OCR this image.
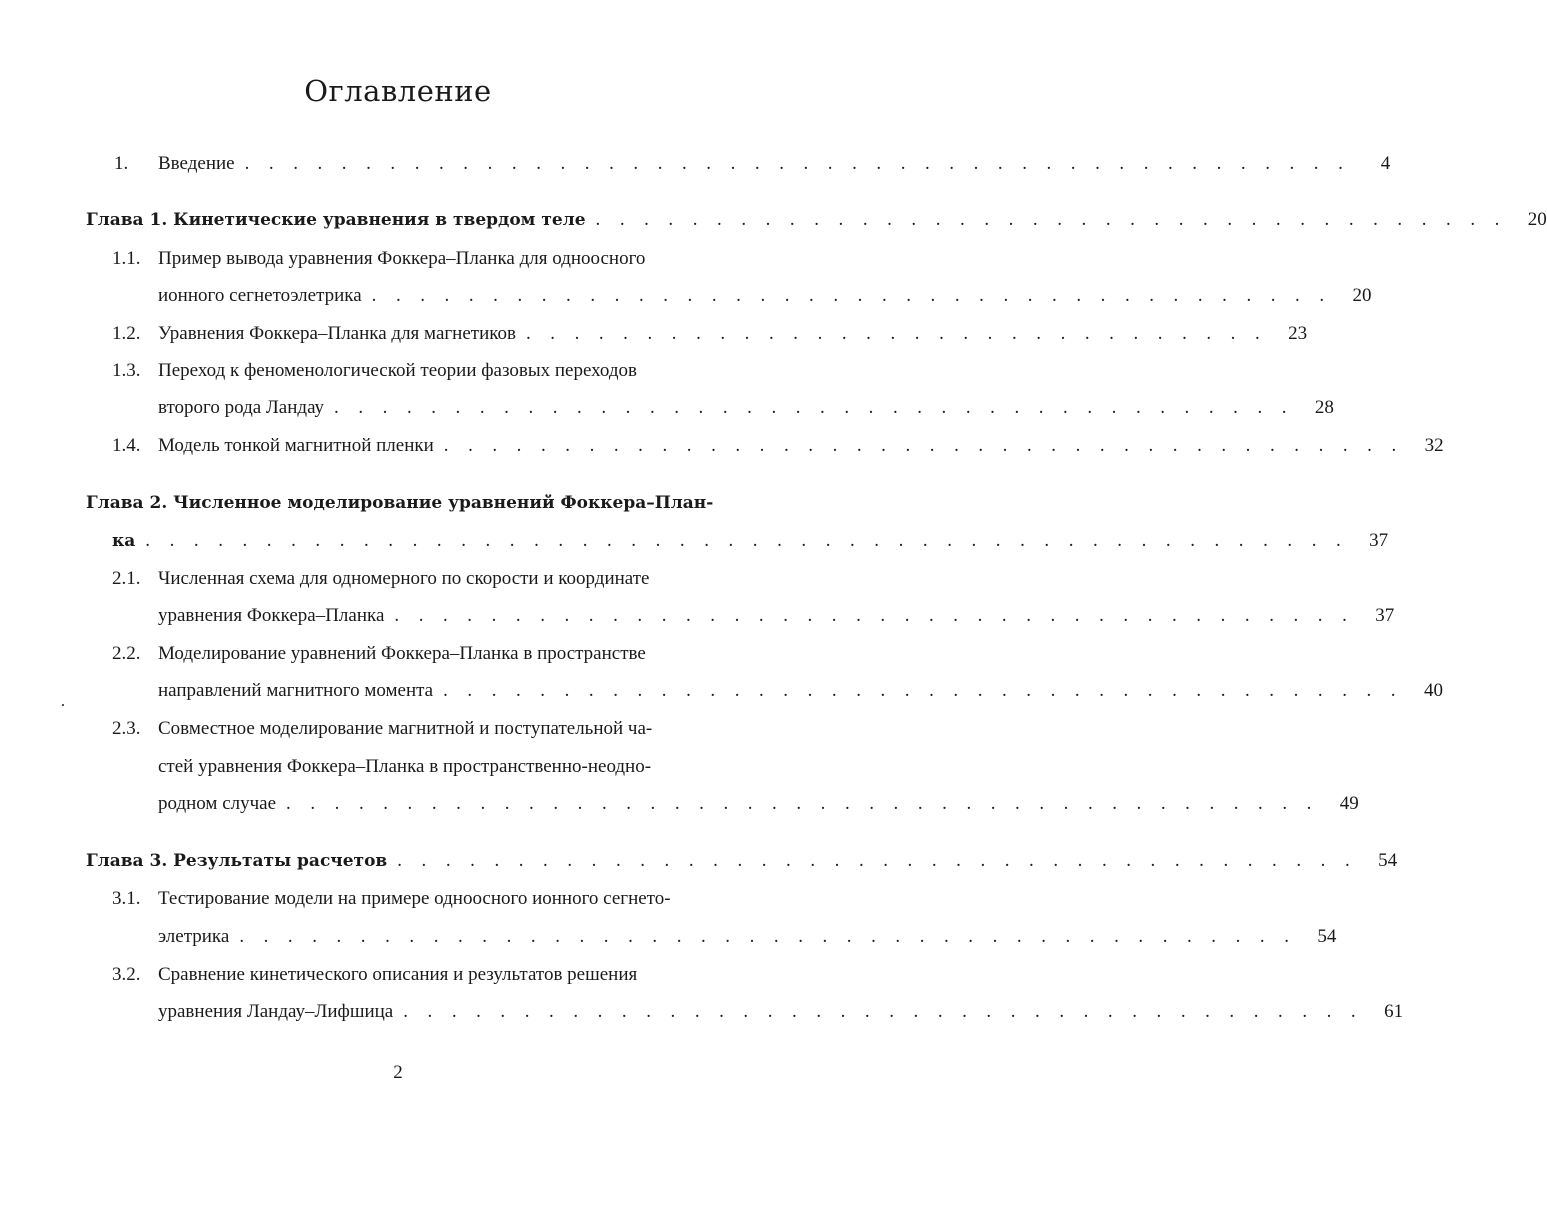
Оглавление
1. Введение . . . . . . . . . . . . . . . . . . . . . . . . . . . . . . . . . . . . . . . . . . . . . .	4
Глава 1. Кинетические уравнения в твердом теле . . . . . . . . . . . . . . . . . . . . . . . . . . . . . . . . . . . . . .	20
1.1. Пример вывода уравнения Фоккера–Планка для одноосного
ионного сегнетоэлетрика . . . . . . . . . . . . . . . . . . . . . . . . . . . . . . . . . . . . . . . .	20
1.2. Уравнения Фоккера–Планка для магнетиков . . . . . . . . . . . . . . . . . . . . . . . . . . . . . . .	23
1.3. Переход к феноменологической теории фазовых переходов
второго рода Ландау . . . . . . . . . . . . . . . . . . . . . . . . . . . . . . . . . . . . . . . .	28
1.4. Модель тонкой магнитной пленки . . . . . . . . . . . . . . . . . . . . . . . . . . . . . . . . . . . . . . . .	32
Глава 2. Численное моделирование уравнений Фоккера–План-
ка . . . . . . . . . . . . . . . . . . . . . . . . . . . . . . . . . . . . . . . . . . . . . . . . . .	37
2.1. Численная схема для одномерного по скорости и координате
уравнения Фоккера–Планка . . . . . . . . . . . . . . . . . . . . . . . . . . . . . . . . . . . . . . . .	37
2.2. Моделирование уравнений Фоккера–Планка в пространстве
направлений магнитного момента . . . . . . . . . . . . . . . . . . . . . . . . . . . . . . . . . . . . . . . .	40
2.3. Совместное моделирование магнитной и поступательной ча-
стей уравнения Фоккера–Планка в пространственно-неодно-
родном случае . . . . . . . . . . . . . . . . . . . . . . . . . . . . . . . . . . . . . . . . . . .	49
Глава 3. Результаты расчетов . . . . . . . . . . . . . . . . . . . . . . . . . . . . . . . . . . . . . . . .	54
3.1. Тестирование модели на примере одноосного ионного сегнето-
элетрика . . . . . . . . . . . . . . . . . . . . . . . . . . . . . . . . . . . . . . . . . . . .	54
3.2. Сравнение кинетического описания и результатов решения
уравнения Ландау–Лифшица . . . . . . . . . . . . . . . . . . . . . . . . . . . . . . . . . . . . . . . .	61
2
